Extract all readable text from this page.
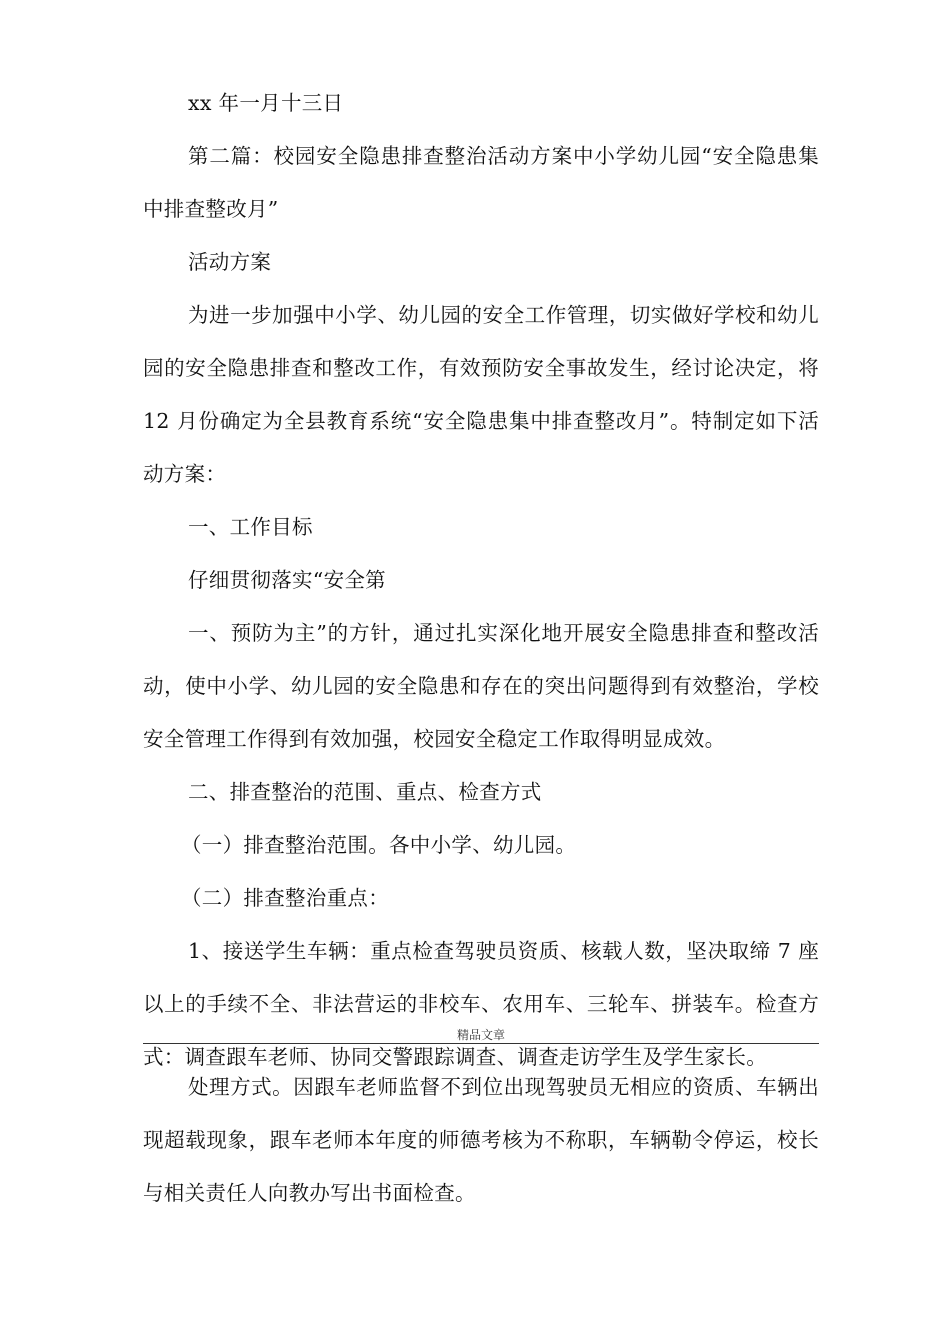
xx 年一月十三日

第二篇：校园安全隐患排查整治活动方案中小学幼儿园“安全隐患集中排查整改月”

活动方案

为进一步加强中小学、幼儿园的安全工作管理，切实做好学校和幼儿园的安全隐患排查和整改工作，有效预防安全事故发生，经讨论决定，将 12 月份确定为全县教育系统“安全隐患集中排查整改月”。特制定如下活动方案：

一、工作目标

仔细贯彻落实“安全第

一、预防为主”的方针，通过扎实深化地开展安全隐患排查和整改活动，使中小学、幼儿园的安全隐患和存在的突出问题得到有效整治，学校安全管理工作得到有效加强，校园安全稳定工作取得明显成效。

二、排查整治的范围、重点、检查方式

（一）排查整治范围。各中小学、幼儿园。

（二）排查整治重点：

1、接送学生车辆：重点检查驾驶员资质、核载人数，坚决取缔 7 座以上的手续不全、非法营运的非校车、农用车、三轮车、拼装车。检查方式：调查跟车老师、协同交警跟踪调查、调查走访学生及学生家长。

精品文章

处理方式。因跟车老师监督不到位出现驾驶员无相应的资质、车辆出现超载现象，跟车老师本年度的师德考核为不称职，车辆勒令停运，校长与相关责任人向教办写出书面检查。
